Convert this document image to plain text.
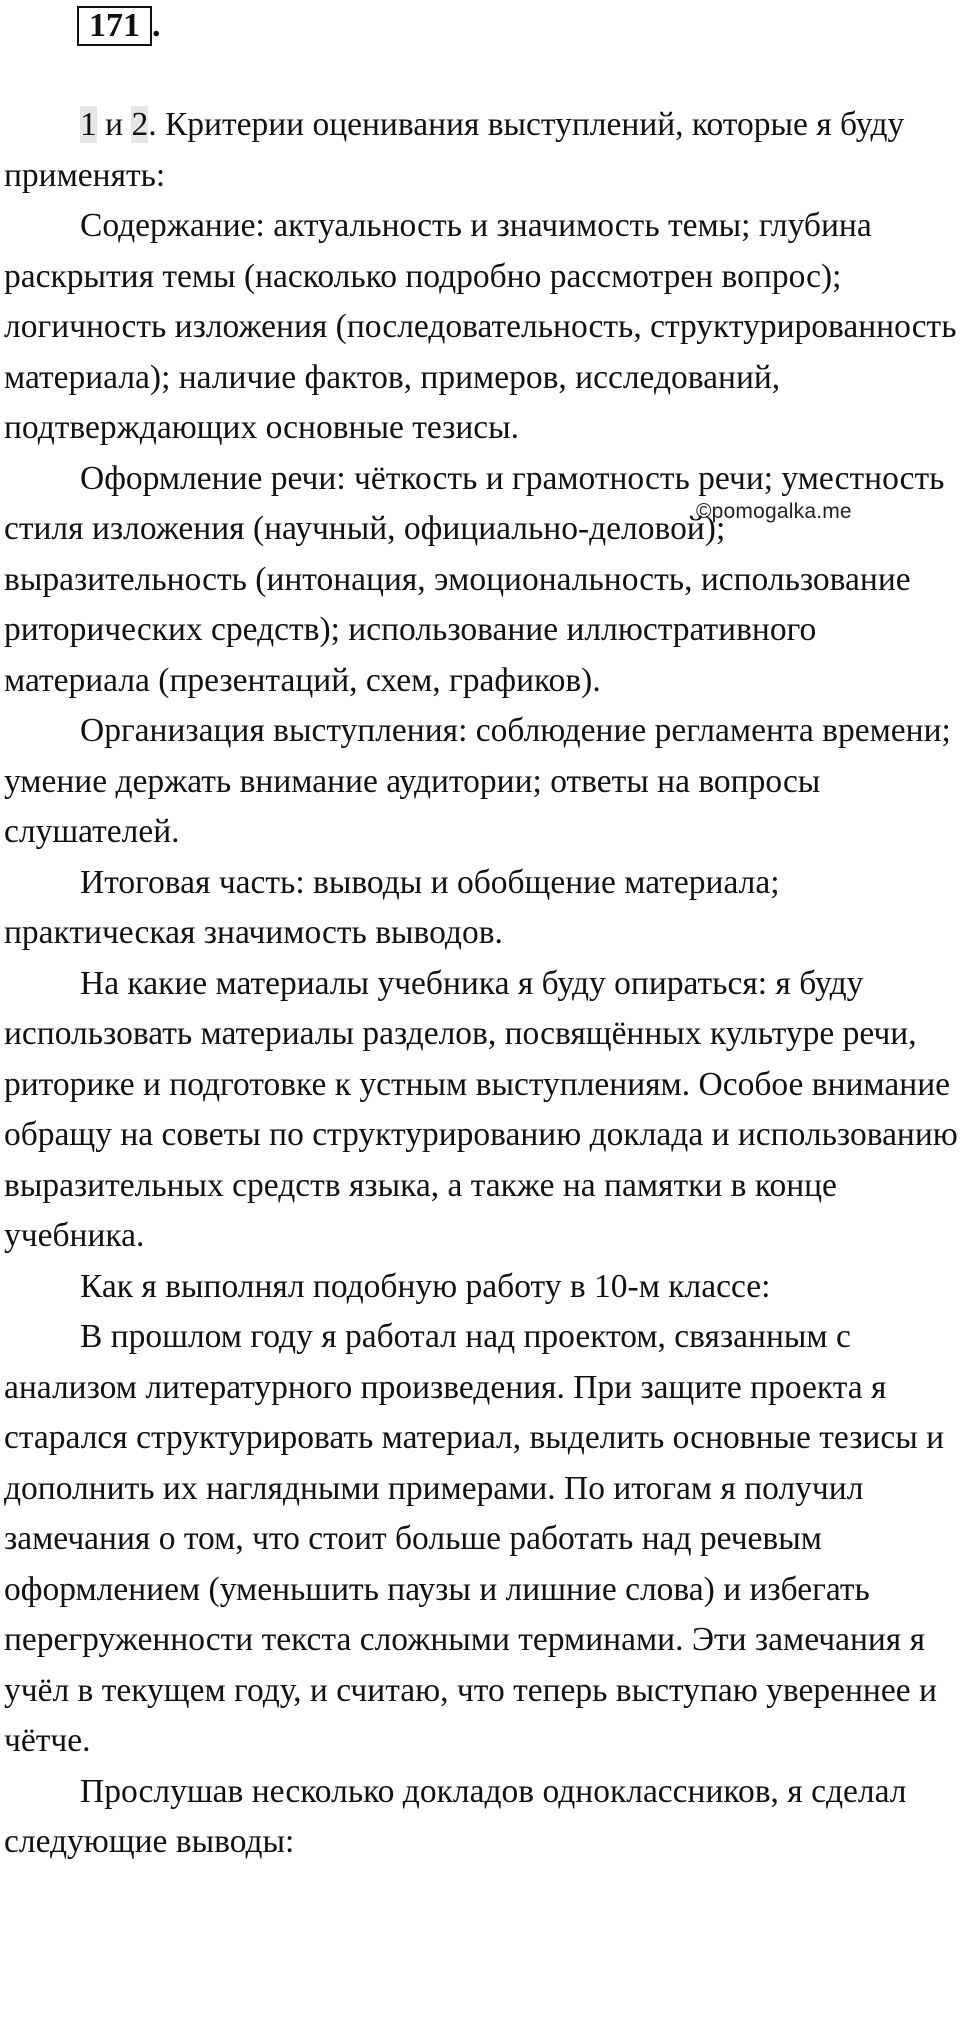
171 .
©pomogalka.me

1 и 2. Критерии оценивания выступлений, которые я буду применять:

Содержание: актуальность и значимость темы; глубина раскрытия темы (насколько подробно рассмотрен вопрос); логичность изложения (последовательность, структурированность материала); наличие фактов, примеров, исследований, подтверждающих основные тезисы.

Оформление речи: чёткость и грамотность речи; уместность стиля изложения (научный, официально-деловой); выразительность (интонация, эмоциональность, использование риторических средств); использование иллюстративного материала (презентаций, схем, графиков).

Организация выступления: соблюдение регламента времени; умение держать внимание аудитории; ответы на вопросы слушателей.

Итоговая часть: выводы и обобщение материала; практическая значимость выводов.

На какие материалы учебника я буду опираться: я буду использовать материалы разделов, посвящённых культуре речи, риторике и подготовке к устным выступлениям. Особое внимание обращу на советы по структурированию доклада и использованию выразительных средств языка, а также на памятки в конце учебника.

Как я выполнял подобную работу в 10-м классе:

В прошлом году я работал над проектом, связанным с анализом литературного произведения. При защите проекта я старался структурировать материал, выделить основные тезисы и дополнить их наглядными примерами. По итогам я получил замечания о том, что стоит больше работать над речевым оформлением (уменьшить паузы и лишние слова) и избегать перегруженности текста сложными терминами. Эти замечания я учёл в текущем году, и считаю, что теперь выступаю увереннее и чётче.

Прослушав несколько докладов одноклассников, я сделал следующие выводы:
